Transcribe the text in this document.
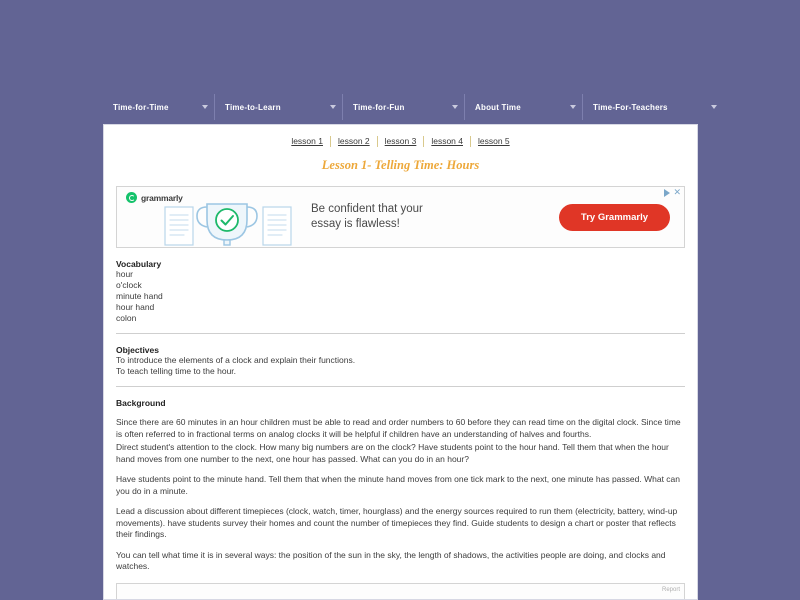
Time-for-Time	Time-to-Learn	Time-for-Fun	About Time	Time-For-Teachers
lesson 1	lesson 2	lesson 3	lesson 4	lesson 5
Lesson 1- Telling Time: Hours
✕
grammarly
Be confident that your
essay is flawless!
Try Grammarly
Vocabulary
hour
o'clock
minute hand
hour hand
colon
Objectives
To introduce the elements of a clock and explain their functions.
To teach telling time to the hour.
Background
Since there are 60 minutes in an hour children must be able to read and order numbers to 60 before they can read time on the digital clock. Since time is often referred to in fractional terms on analog clocks it will be helpful if children have an understanding of halves and fourths.
Direct student's attention to the clock. How many big numbers are on the clock? Have students point to the hour hand. Tell them that when the hour hand moves from one number to the next, one hour has passed. What can you do in an hour?
Have students point to the minute hand. Tell them that when the minute hand moves from one tick mark to the next, one minute has passed. What can you do in a minute.
Lead a discussion about different timepieces (clock, watch, timer, hourglass) and the energy sources required to run them (electricity, battery, wind-up movements). have students survey their homes and count the number of timepieces they find. Guide students to design a chart or poster that reflects their findings.
You can tell what time it is in several ways: the position of the sun in the sky, the length of shadows, the activities people are doing, and clocks and watches.
Report
